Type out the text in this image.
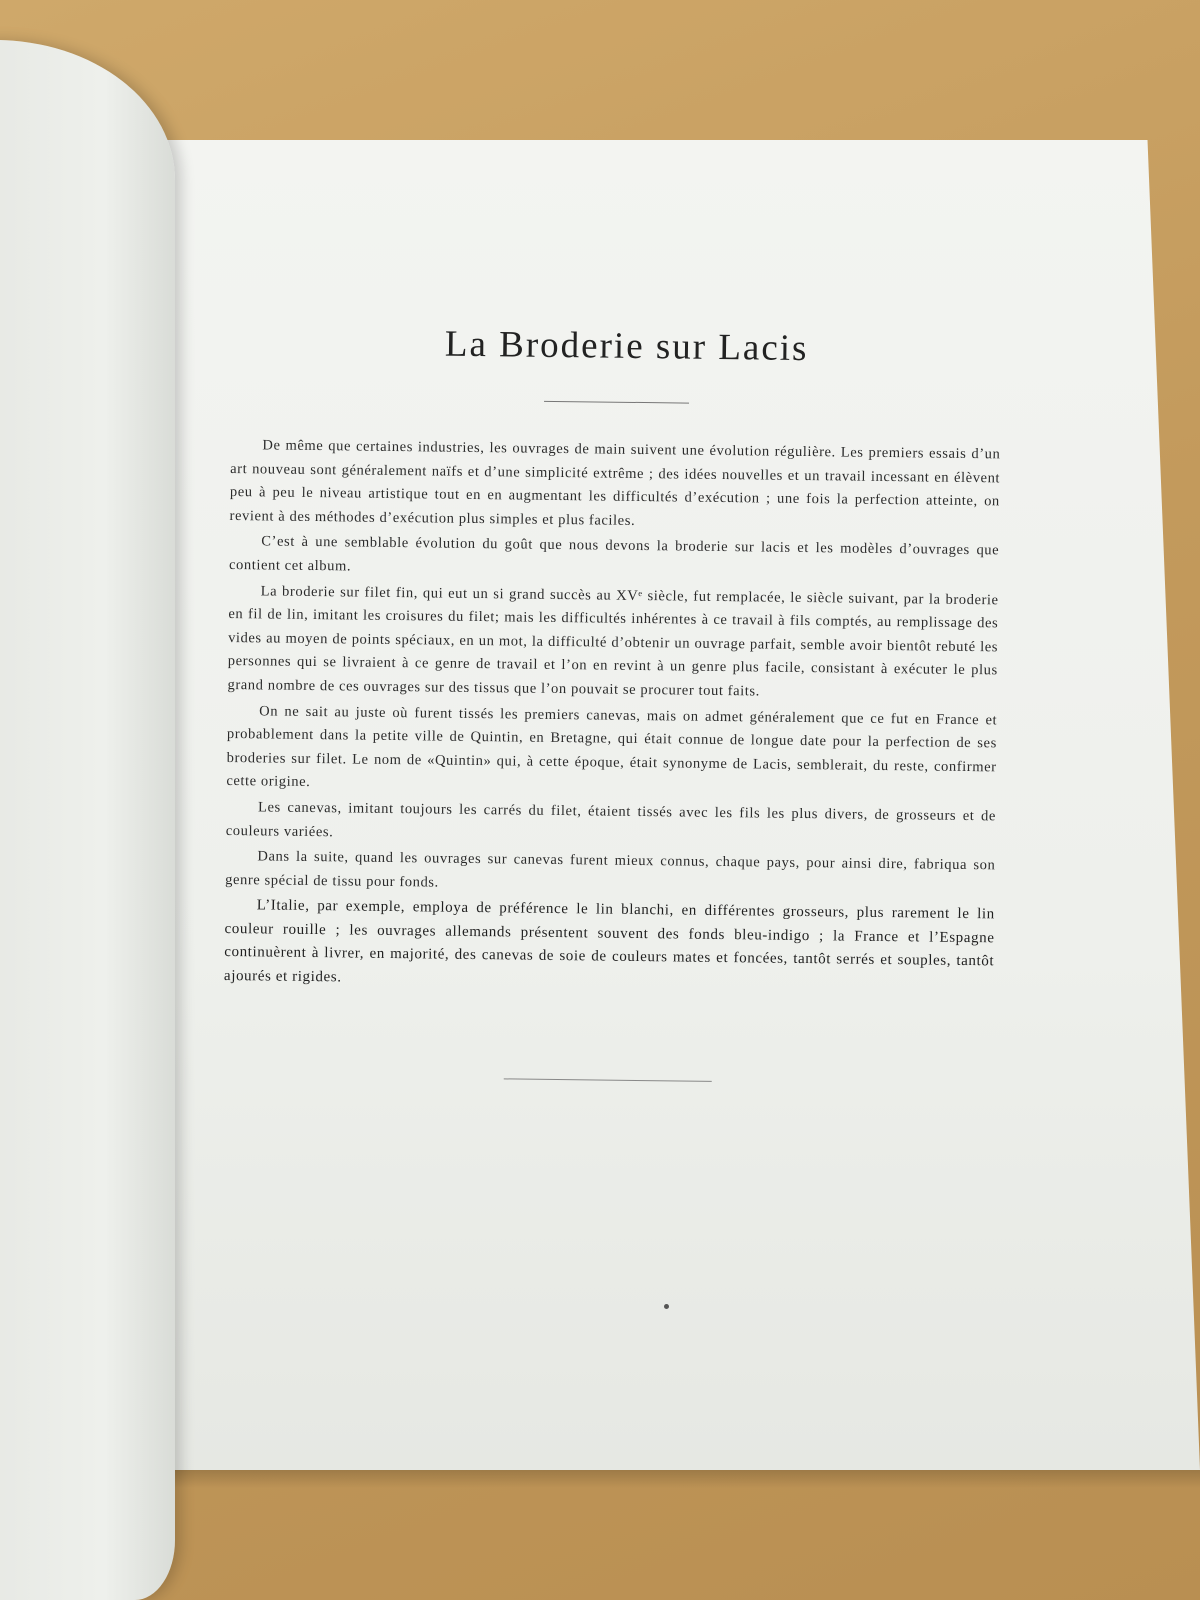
La Broderie sur Lacis

De même que certaines industries, les ouvrages de main suivent une évolution régulière. Les premiers essais d’un art nouveau sont généralement naïfs et d’une simplicité extrême ; des idées nouvelles et un travail incessant en élèvent peu à peu le niveau artistique tout en en augmentant les difficultés d’exécution ; une fois la perfection atteinte, on revient à des méthodes d’exécution plus simples et plus faciles.

C’est à une semblable évolution du goût que nous devons la broderie sur lacis et les modèles d’ouvrages que contient cet album.

La broderie sur filet fin, qui eut un si grand succès au XVᵉ siècle, fut remplacée, le siècle suivant, par la broderie en fil de lin, imitant les croisures du filet; mais les difficultés inhérentes à ce travail à fils comptés, au remplissage des vides au moyen de points spéciaux, en un mot, la difficulté d’obtenir un ouvrage parfait, semble avoir bientôt rebuté les personnes qui se livraient à ce genre de travail et l’on en revint à un genre plus facile, consistant à exécuter le plus grand nombre de ces ouvrages sur des tissus que l’on pouvait se procurer tout faits.

On ne sait au juste où furent tissés les premiers canevas, mais on admet généralement que ce fut en France et probablement dans la petite ville de Quintin, en Bretagne, qui était connue de longue date pour la perfection de ses broderies sur filet. Le nom de «Quintin» qui, à cette époque, était synonyme de Lacis, semblerait, du reste, confirmer cette origine.

Les canevas, imitant toujours les carrés du filet, étaient tissés avec les fils les plus divers, de grosseurs et de couleurs variées.

Dans la suite, quand les ouvrages sur canevas furent mieux connus, chaque pays, pour ainsi dire, fabriqua son genre spécial de tissu pour fonds.

L’Italie, par exemple, employa de préférence le lin blanchi, en différentes grosseurs, plus rarement le lin couleur rouille ; les ouvrages allemands présentent souvent des fonds bleu-indigo ; la France et l’Espagne continuèrent à livrer, en majorité, des canevas de soie de couleurs mates et foncées, tantôt serrés et souples, tantôt ajourés et rigides.
